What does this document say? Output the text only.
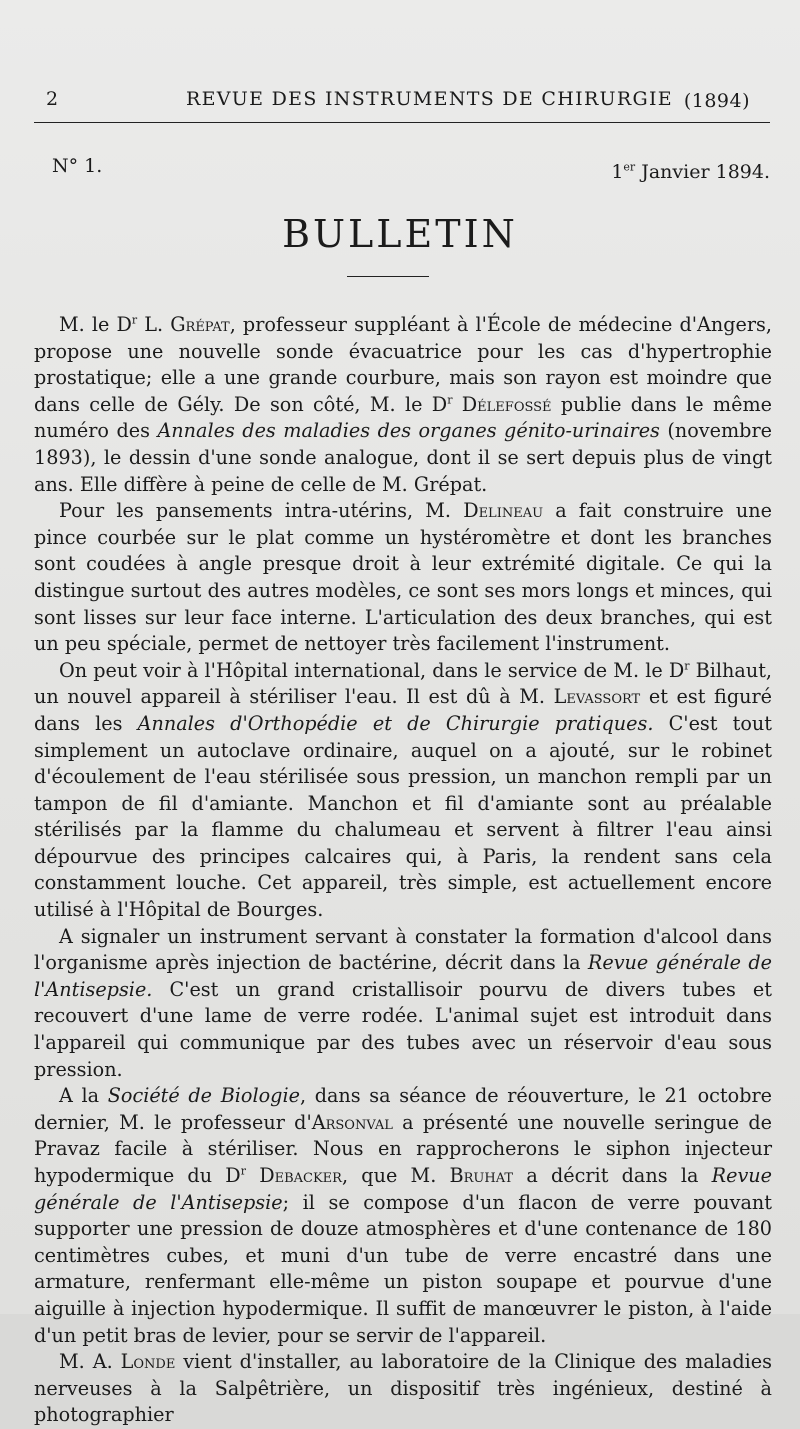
2	REVUE DES INSTRUMENTS DE CHIRURGIE (1894)
N° 1.	1er Janvier 1894.
BULLETIN

M. le $D^r$ L. Grépat, professeur suppléant à l'École de médecine d'Angers, propose une nouvelle sonde évacuatrice pour les cas d'hypertrophie prostatique; elle a une grande courbure, mais son rayon est moindre que dans celle de Gély. De son côté, M. le $D^r$ Délefossé publie dans le même numéro des Annales des maladies des organes génito-urinaires (novembre 1893), le dessin d'une sonde analogue, dont il se sert depuis plus de vingt ans. Elle diffère à peine de celle de M. Grépat.

Pour les pansements intra-utérins, M. Delineau a fait construire une pince courbée sur le plat comme un hystéromètre et dont les branches sont coudées à angle presque droit à leur extrémité digitale. Ce qui la distingue surtout des autres modèles, ce sont ses mors longs et minces, qui sont lisses sur leur face interne. L'articulation des deux branches, qui est un peu spéciale, permet de nettoyer très facilement l'instrument.

On peut voir à l'Hôpital international, dans le service de M. le $D^r$ Bilhaut, un nouvel appareil à stériliser l'eau. Il est dû à M. Levassort et est figuré dans les Annales d'Orthopédie et de Chirurgie pratiques. C'est tout simplement un autoclave ordinaire, auquel on a ajouté, sur le robinet d'écoulement de l'eau stérilisée sous pression, un manchon rempli par un tampon de fil d'amiante. Manchon et fil d'amiante sont au préalable stérilisés par la flamme du chalumeau et servent à filtrer l'eau ainsi dépourvue des principes calcaires qui, à Paris, la rendent sans cela constamment louche. Cet appareil, très simple, est actuellement encore utilisé à l'Hôpital de Bourges.

A signaler un instrument servant à constater la formation d'alcool dans l'organisme après injection de bactérine, décrit dans la Revue générale de l'Antisepsie. C'est un grand cristallisoir pourvu de divers tubes et recouvert d'une lame de verre rodée. L'animal sujet est introduit dans l'appareil qui communique par des tubes avec un réservoir d'eau sous pression.

A la Société de Biologie, dans sa séance de réouverture, le 21 octobre dernier, M. le professeur d'Arsonval a présenté une nouvelle seringue de Pravaz facile à stériliser. Nous en rapprocherons le siphon injecteur hypodermique du $D^r$ Debacker, que M. Bruhat a décrit dans la Revue générale de l'Antisepsie; il se compose d'un flacon de verre pouvant supporter une pression de douze atmosphères et d'une contenance de 180 centimètres cubes, et muni d'un tube de verre encastré dans une armature, renfermant elle-même un piston soupape et pourvue d'une aiguille à injection hypodermique. Il suffit de manœuvrer le piston, à l'aide d'un petit bras de levier, pour se servir de l'appareil.

M. A. Londe vient d'installer, au laboratoire de la Clinique des maladies nerveuses à la Salpêtrière, un dispositif très ingénieux, destiné à photographier
